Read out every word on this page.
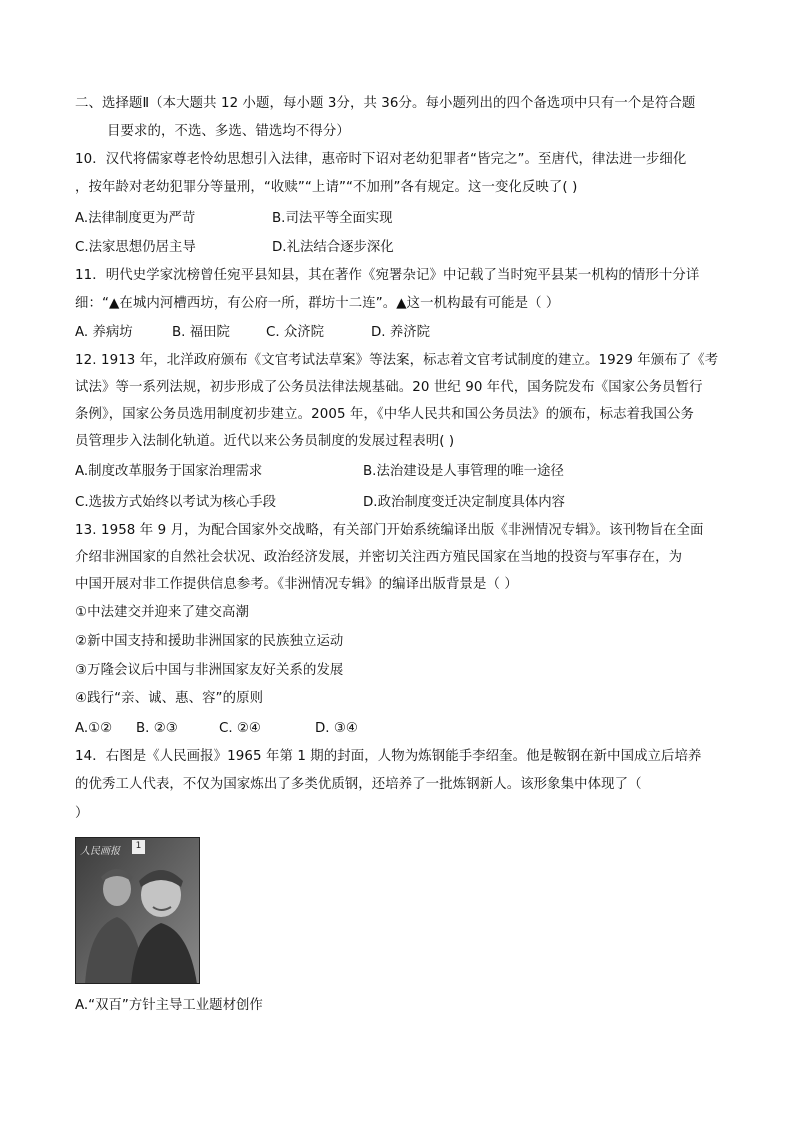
二、选择题Ⅱ（本大题共 12 小题，每小题 3分，共 36分。每小题列出的四个备选项中只有一个是符合题
目要求的，不选、多选、错选均不得分）
10．汉代将儒家尊老怜幼思想引入法律，惠帝时下诏对老幼犯罪者“皆完之”。至唐代，律法进一步细化
，按年龄对老幼犯罪分等量刑，“收赎”“上请”“不加刑”各有规定。这一变化反映了( )
A.法律制度更为严苛	B.司法平等全面实现
C.法家思想仍居主导	D.礼法结合逐步深化
11．明代史学家沈榜曾任宛平县知县，其在著作《宛署杂记》中记载了当时宛平县某一机构的情形十分详
细：“▲在城内河槽西坊，有公府一所，群坊十二连”。▲这一机构最有可能是（ ）
A. 养病坊	B. 福田院	C. 众济院	D. 养济院
12. 1913 年，北洋政府颁布《文官考试法草案》等法案，标志着文官考试制度的建立。1929 年颁布了《考
试法》等一系列法规，初步形成了公务员法律法规基础。20 世纪 90 年代，国务院发布《国家公务员暂行
条例》，国家公务员选用制度初步建立。2005 年，《中华人民共和国公务员法》的颁布，标志着我国公务
员管理步入法制化轨道。近代以来公务员制度的发展过程表明( )
A.制度改革服务于国家治理需求	B.法治建设是人事管理的唯一途径
C.选拔方式始终以考试为核心手段	D.政治制度变迁决定制度具体内容
13. 1958 年 9 月，为配合国家外交战略，有关部门开始系统编译出版《非洲情况专辑》。该刊物旨在全面
介绍非洲国家的自然社会状况、政治经济发展，并密切关注西方殖民国家在当地的投资与军事存在，为
中国开展对非工作提供信息参考。《非洲情况专辑》的编译出版背景是（ ）
①中法建交并迎来了建交高潮
②新中国支持和援助非洲国家的民族独立运动
③万隆会议后中国与非洲国家友好关系的发展
④践行“亲、诚、惠、容”的原则
A.①② B. ②③	C. ②④	D. ③④
14．右图是《人民画报》1965 年第 1 期的封面，人物为炼钢能手李绍奎。他是鞍钢在新中国成立后培养
的优秀工人代表，不仅为国家炼出了多类优质钢，还培养了一批炼钢新人。该形象集中体现了（
）
人民画报	1
A.“双百”方针主导工业题材创作
